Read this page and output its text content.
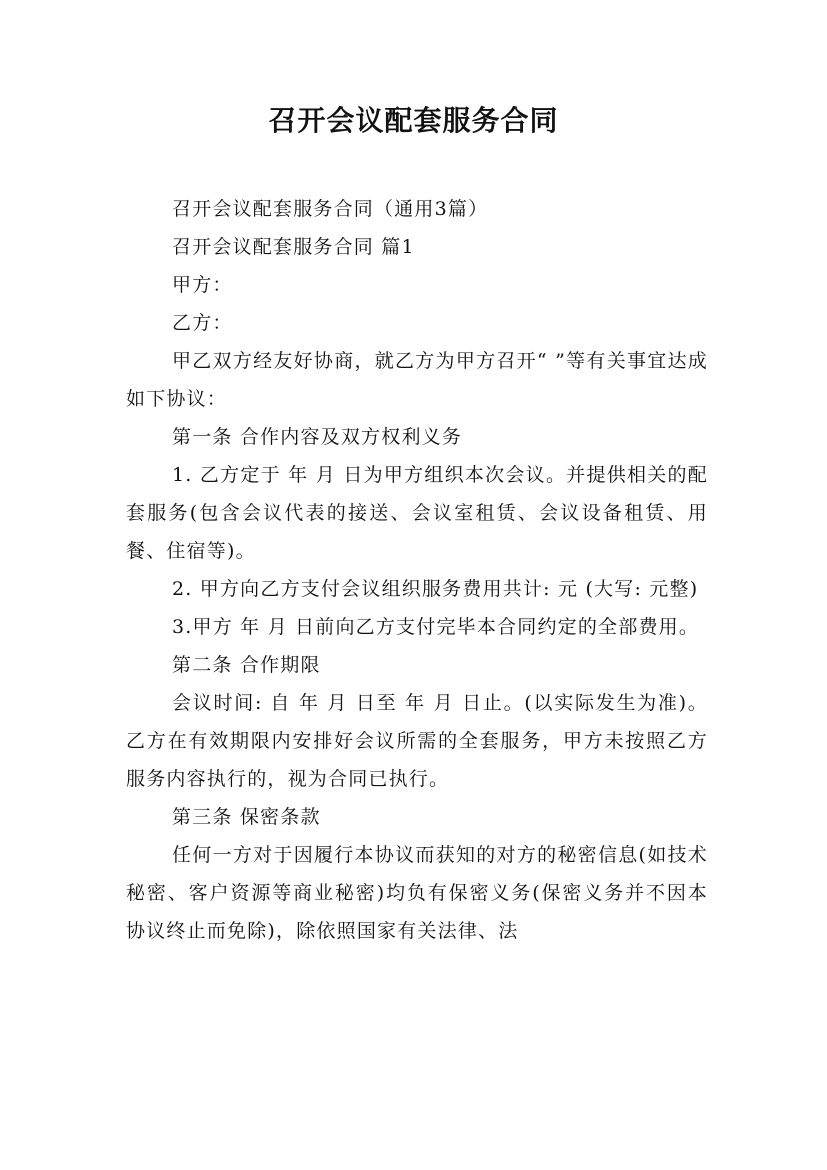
召开会议配套服务合同

召开会议配套服务合同（通用3篇）

召开会议配套服务合同 篇1

甲方：

乙方：

甲乙双方经友好协商，就乙方为甲方召开“ ”等有关事宜达成如下协议：

第一条 合作内容及双方权利义务

1. 乙方定于 年 月 日为甲方组织本次会议。并提供相关的配套服务(包含会议代表的接送、会议室租赁、会议设备租赁、用餐、住宿等)。

2. 甲方向乙方支付会议组织服务费用共计: 元 (大写: 元整)

3.甲方 年 月 日前向乙方支付完毕本合同约定的全部费用。

第二条 合作期限

会议时间: 自 年 月 日至 年 月 日止。(以实际发生为准)。 乙方在有效期限内安排好会议所需的全套服务，甲方未按照乙方服务内容执行的，视为合同已执行。

第三条 保密条款

任何一方对于因履行本协议而获知的对方的秘密信息(如技术秘密、客户资源等商业秘密)均负有保密义务(保密义务并不因本协议终止而免除)，除依照国家有关法律、法
